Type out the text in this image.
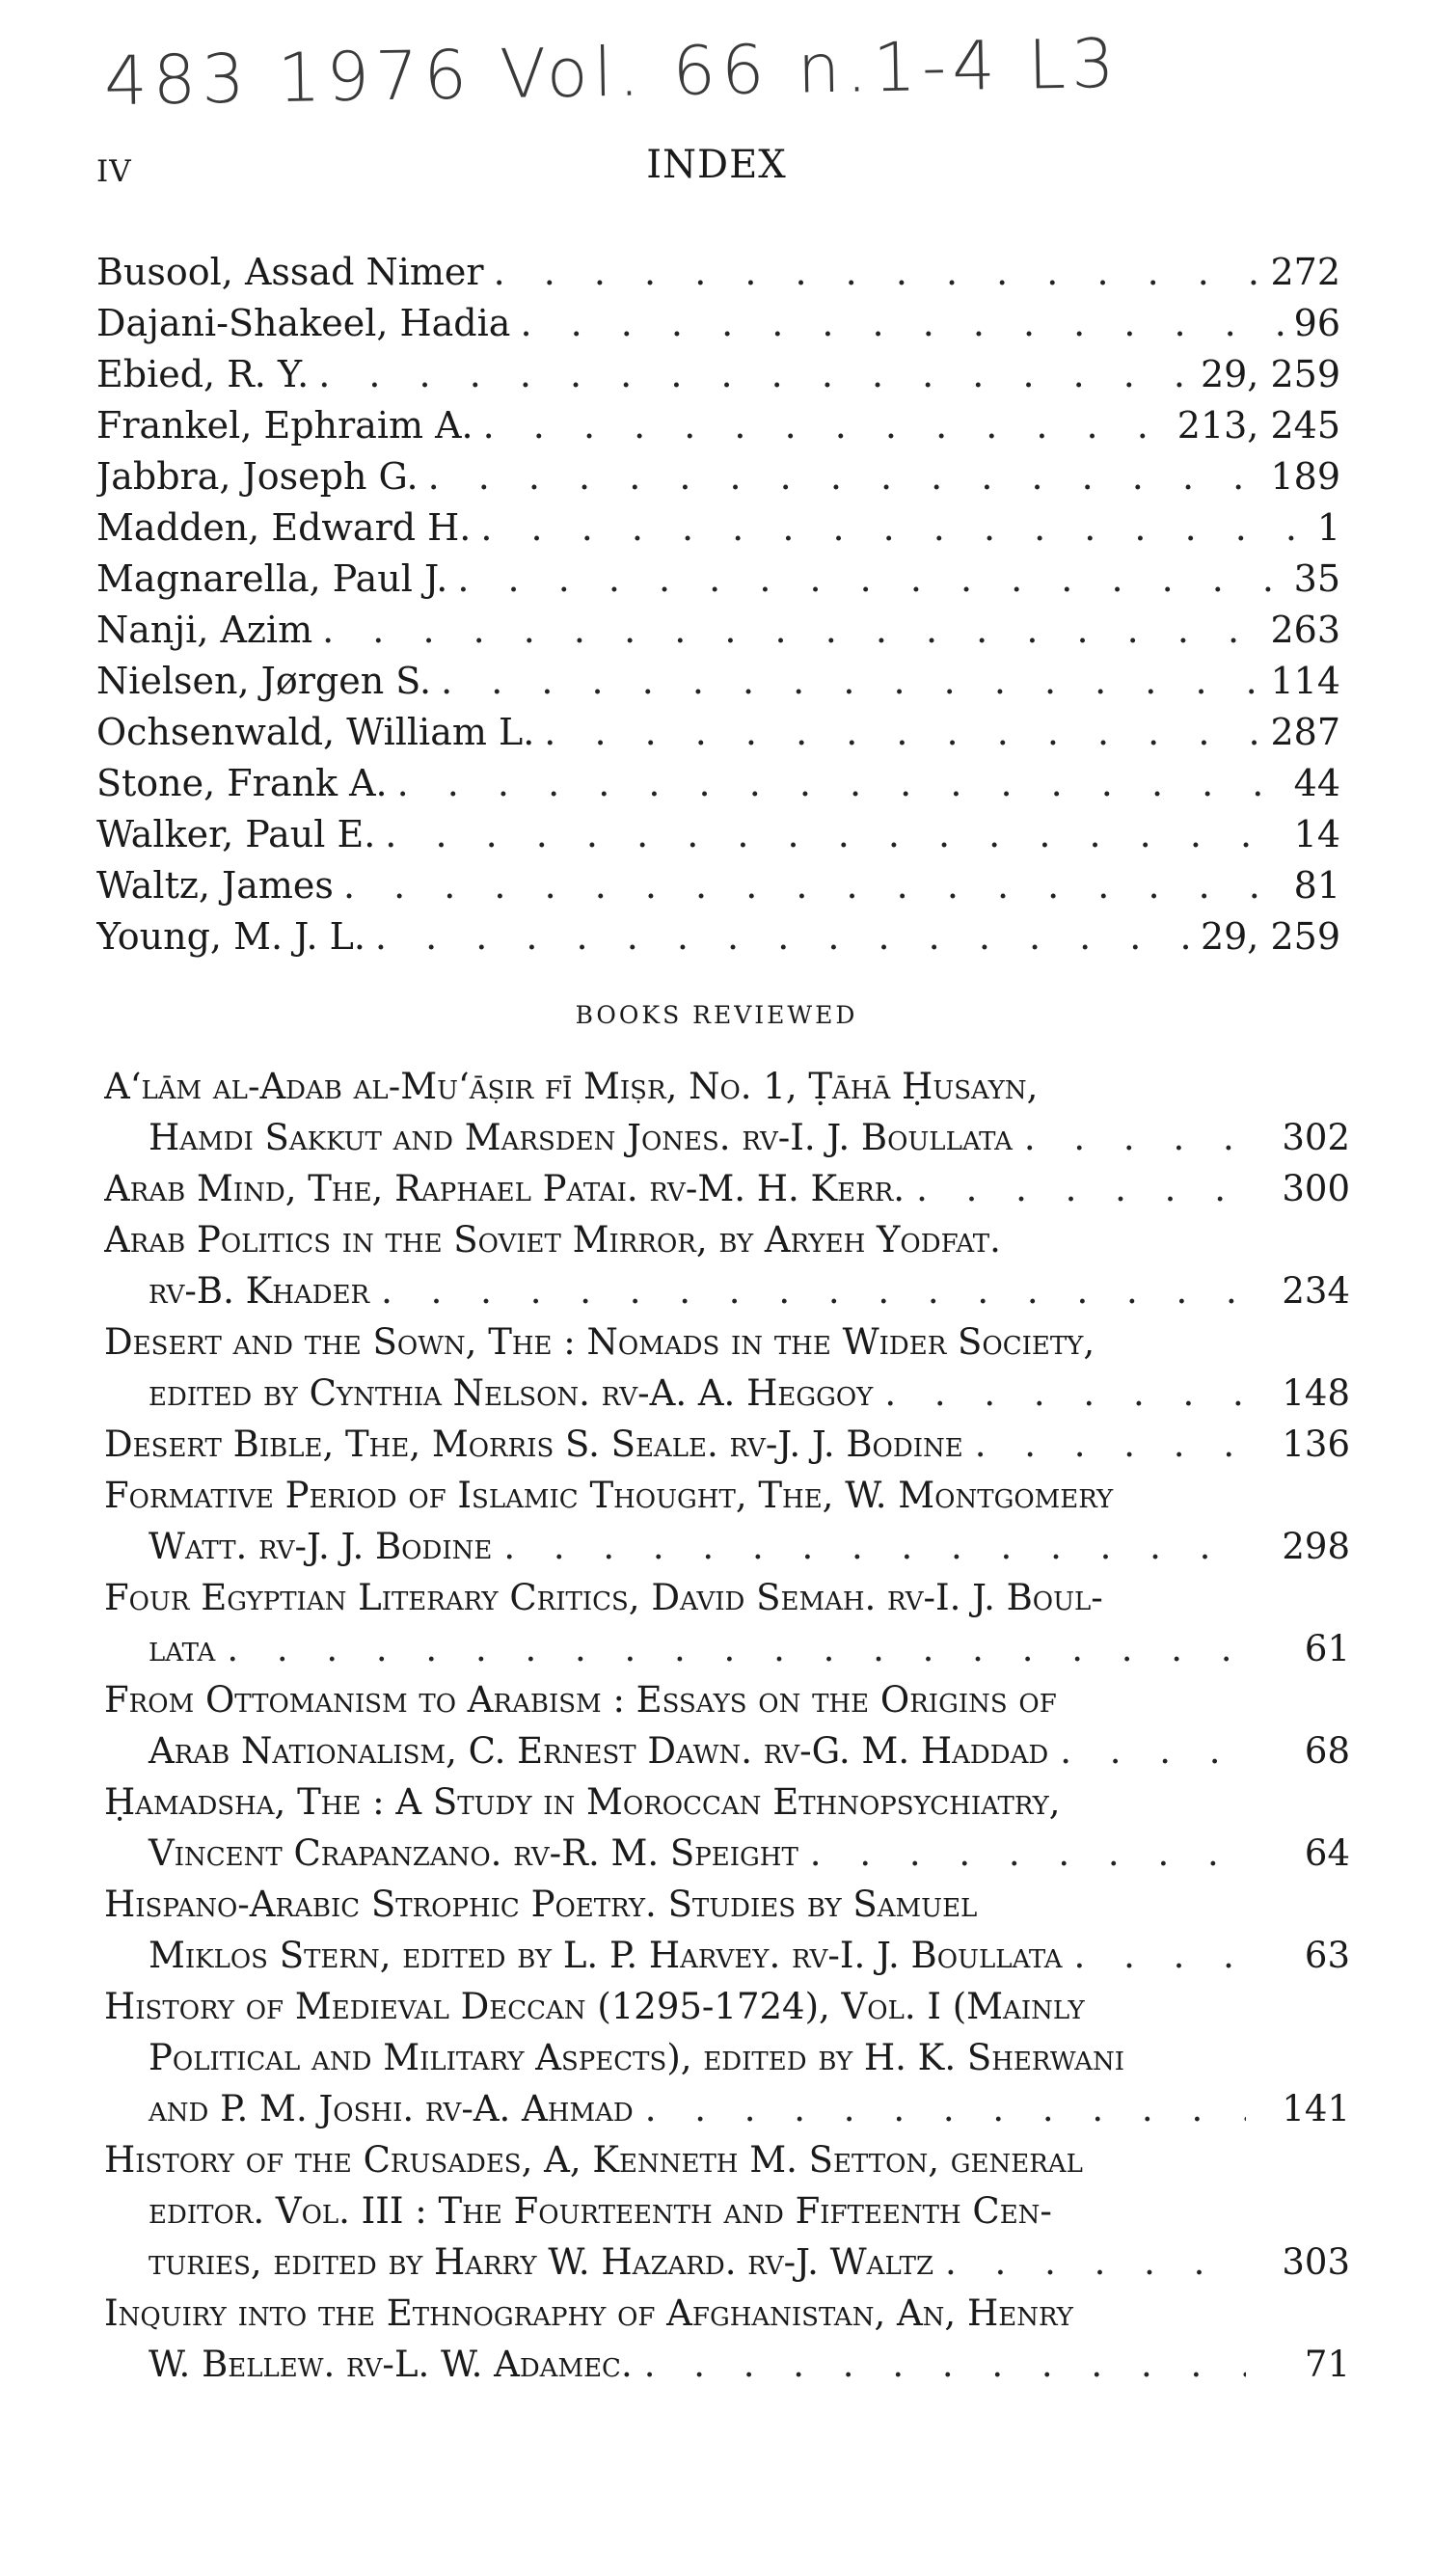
483 1976 Vol. 66 n.1-4 L3
IV	INDEX
Busool, Assad Nimer . . .	272
Dajani-Shakeel, Hadia . . .	96
Ebied, R. Y. . . .	29, 259
Frankel, Ephraim A. . . .	213, 245
Jabbra, Joseph G. . . .	189
Madden, Edward H. . . .	1
Magnarella, Paul J. . . .	35
Nanji, Azim . . .	263
Nielsen, Jørgen S. . . .	114
Ochsenwald, William L. . . .	287
Stone, Frank A. . . .	44
Walker, Paul E. . . .	14
Waltz, James . . .	81
Young, M. J. L. . . .	29, 259
BOOKS REVIEWED
A‘lām al-Adab al-Mu‘āṣir fī Miṣr, No. 1, Ṭāhā Ḥusayn,
Hamdi Sakkut and Marsden Jones. rv-I. J. Boullata . . .	302
Arab Mind, The, Raphael Patai. rv-M. H. Kerr. . . .	300
Arab Politics in the Soviet Mirror, by Aryeh Yodfat.
rv-B. Khader . . .	234
Desert and the Sown, The : Nomads in the Wider Society,
edited by Cynthia Nelson. rv-A. A. Heggoy . . .	148
Desert Bible, The, Morris S. Seale. rv-J. J. Bodine . . .	136
Formative Period of Islamic Thought, The, W. Montgomery
Watt. rv-J. J. Bodine . . .	298
Four Egyptian Literary Critics, David Semah. rv-I. J. Boul-
lata . . .	61
From Ottomanism to Arabism : Essays on the Origins of
Arab Nationalism, C. Ernest Dawn. rv-G. M. Haddad . . .	68
Ḥamadsha, The : A Study in Moroccan Ethnopsychiatry,
Vincent Crapanzano. rv-R. M. Speight . . .	64
Hispano-Arabic Strophic Poetry. Studies by Samuel
Miklos Stern, edited by L. P. Harvey. rv-I. J. Boullata . . .	63
History of Medieval Deccan (1295-1724), Vol. I (Mainly
Political and Military Aspects), edited by H. K. Sherwani
and P. M. Joshi. rv-A. Ahmad . . .	141
History of the Crusades, A, Kenneth M. Setton, general
editor. Vol. III : The Fourteenth and Fifteenth Cen-
turies, edited by Harry W. Hazard. rv-J. Waltz . . .	303
Inquiry into the Ethnography of Afghanistan, An, Henry
W. Bellew. rv-L. W. Adamec. . . .	71
